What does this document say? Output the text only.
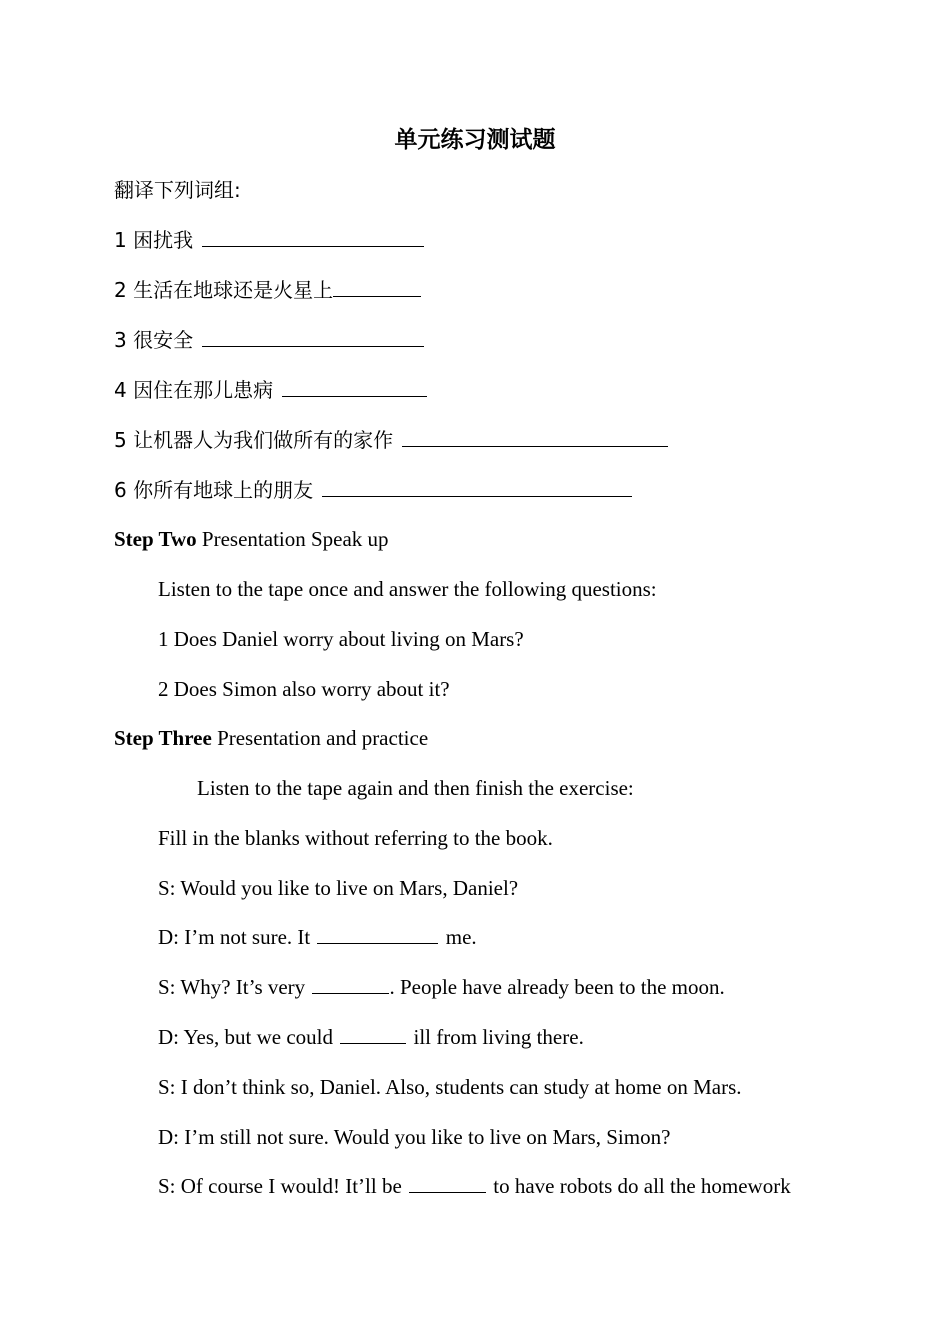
单元练习测试题
翻译下列词组:
1 困扰我
2 生活在地球还是火星上
3 很安全
4 因住在那儿患病
5 让机器人为我们做所有的家作
6 你所有地球上的朋友
Step Two Presentation Speak up
Listen to the tape once and answer the following questions:
1 Does Daniel worry about living on Mars?
2 Does Simon also worry about it?
Step Three Presentation and practice
Listen to the tape again and then finish the exercise:
Fill in the blanks without referring to the book.
S: Would you like to live on Mars, Daniel?
D: I’m not sure. It	me.
S: Why? It’s very	. People have already been to the moon.
D: Yes, but we could	ill from living there.
S: I don’t think so, Daniel. Also, students can study at home on Mars.
D: I’m still not sure. Would you like to live on Mars, Simon?
S: Of course I would! It’ll be	to have robots do all the homework
